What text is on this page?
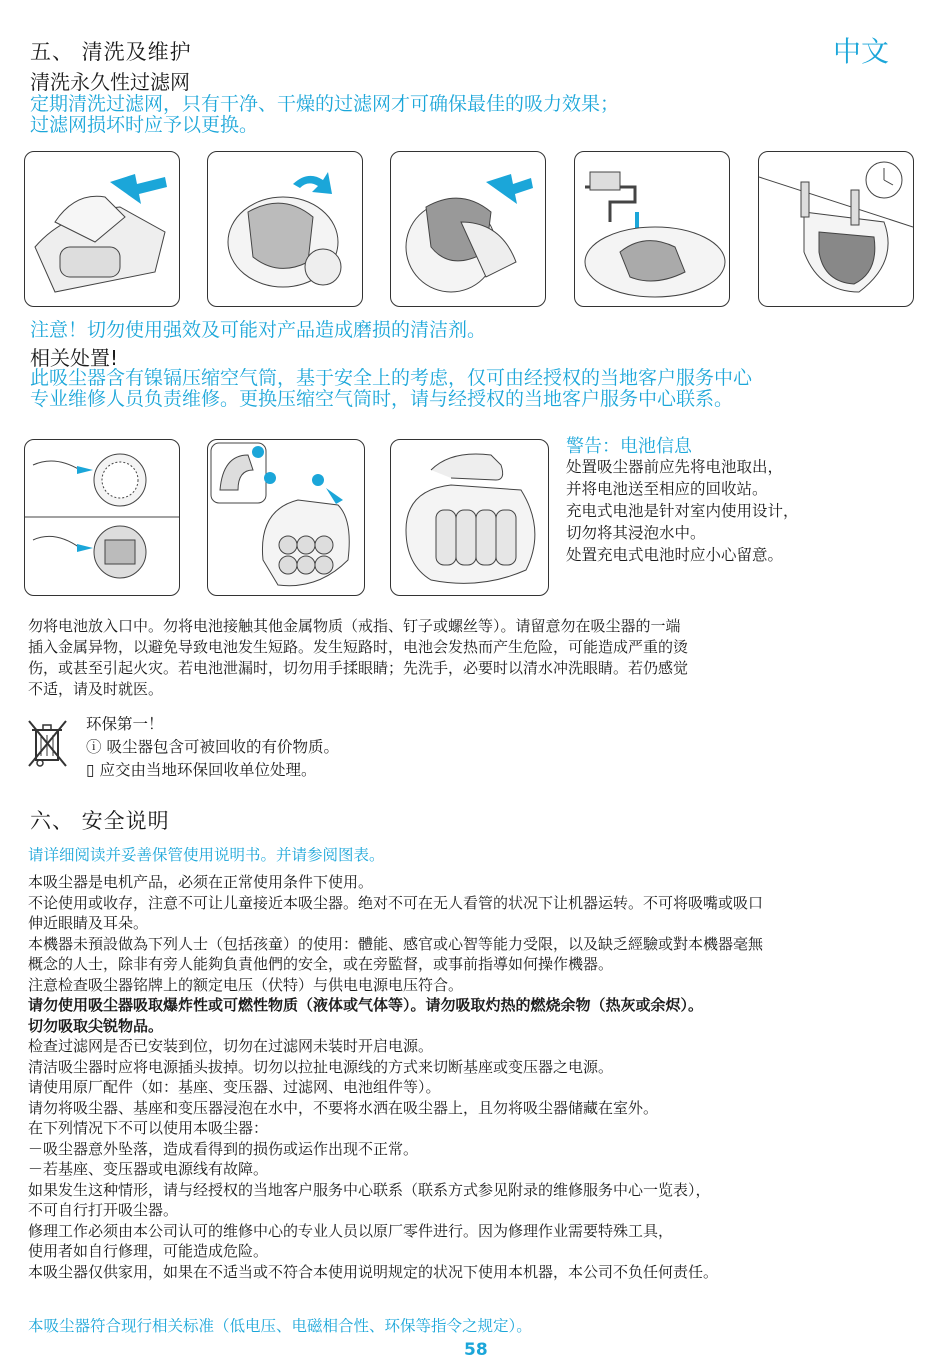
五、 清洗及维护	中文
清洗永久性过滤网
定期清洗过滤网，只有干净、干燥的过滤网才可确保最佳的吸力效果；
过滤网损坏时应予以更换。
注意！切勿使用强效及可能对产品造成磨损的清洁剂。
相关处置!
此吸尘器含有镍镉压缩空气筒，基于安全上的考虑，仅可由经授权的当地客户服务中心
专业维修人员负责维修。更换压缩空气筒时，请与经授权的当地客户服务中心联系。
警告：电池信息

处置吸尘器前应先将电池取出，

并将电池送至相应的回收站。

充电式电池是针对室内使用设计，

切勿将其浸泡水中。

处置充电式电池时应小心留意。

勿将电池放入口中。勿将电池接触其他金属物质（戒指、钉子或螺丝等）。请留意勿在吸尘器的一端

插入金属异物，以避免导致电池发生短路。发生短路时，电池会发热而产生危险，可能造成严重的烫

伤，或甚至引起火灾。若电池泄漏时，切勿用手揉眼睛；先洗手，必要时以清水冲洗眼睛。若仍感觉

不适，请及时就医。

环保第一！
ⓘ 吸尘器包含可被回收的有价物质。
▯ 应交由当地环保回收单位处理。
六、 安全说明
请详细阅读并妥善保管使用说明书。并请参阅图表。

本吸尘器是电机产品，必须在正常使用条件下使用。

不论使用或收存，注意不可让儿童接近本吸尘器。绝对不可在无人看管的状况下让机器运转。不可将吸嘴或吸口

伸近眼睛及耳朵。

本機器未預設做為下列人士（包括孩童）的使用：體能、感官或心智等能力受限，以及缺乏經驗或對本機器毫無

概念的人士，除非有旁人能夠負責他們的安全，或在旁監督，或事前指導如何操作機器。

注意检查吸尘器铭牌上的额定电压（伏特）与供电电源电压符合。

请勿使用吸尘器吸取爆炸性或可燃性物质（液体或气体等）。请勿吸取灼热的燃烧余物（热灰或余烬）。

切勿吸取尖锐物品。

检查过滤网是否已安装到位，切勿在过滤网未装时开启电源。

清洁吸尘器时应将电源插头拔掉。切勿以拉扯电源线的方式来切断基座或变压器之电源。

请使用原厂配件（如：基座、变压器、过滤网、电池组件等）。

请勿将吸尘器、基座和变压器浸泡在水中，不要将水洒在吸尘器上，且勿将吸尘器储藏在室外。

在下列情况下不可以使用本吸尘器：

－吸尘器意外坠落，造成看得到的损伤或运作出现不正常。

－若基座、变压器或电源线有故障。

如果发生这种情形，请与经授权的当地客户服务中心联系（联系方式参见附录的维修服务中心一览表），

不可自行打开吸尘器。

修理工作必须由本公司认可的维修中心的专业人员以原厂零件进行。因为修理作业需要特殊工具，

使用者如自行修理，可能造成危险。

本吸尘器仅供家用，如果在不适当或不符合本使用说明规定的状况下使用本机器，本公司不负任何责任。

本吸尘器符合现行相关标准（低电压、电磁相合性、环保等指令之规定）。
58
